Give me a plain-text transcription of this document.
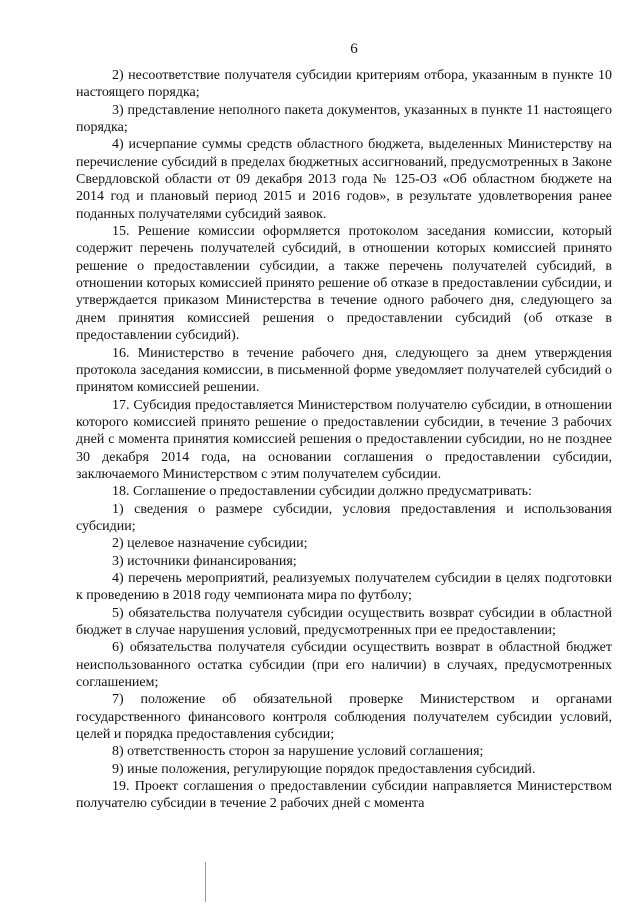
6

2) несоответствие получателя субсидии критериям отбора, указанным в пункте 10 настоящего порядка;

3) представление неполного пакета документов, указанных в пункте 11 настоящего порядка;

4) исчерпание суммы средств областного бюджета, выделенных Министерству на перечисление субсидий в пределах бюджетных ассигнований, предусмотренных в Законе Свердловской области от 09 декабря 2013 года № 125-ОЗ «Об областном бюджете на 2014 год и плановый период 2015 и 2016 годов», в результате удовлетворения ранее поданных получателями субсидий заявок.

15. Решение комиссии оформляется протоколом заседания комиссии, который содержит перечень получателей субсидий, в отношении которых комиссией принято решение о предоставлении субсидии, а также перечень получателей субсидий, в отношении которых комиссией принято решение об отказе в предоставлении субсидии, и утверждается приказом Министерства в течение одного рабочего дня, следующего за днем принятия комиссией решения о предоставлении субсидий (об отказе в предоставлении субсидий).

16. Министерство в течение рабочего дня, следующего за днем утверждения протокола заседания комиссии, в письменной форме уведомляет получателей субсидий о принятом комиссией решении.

17. Субсидия предоставляется Министерством получателю субсидии, в отношении которого комиссией принято решение о предоставлении субсидии, в течение 3 рабочих дней с момента принятия комиссией решения о предоставлении субсидии, но не позднее 30 декабря 2014 года, на основании соглашения о предоставлении субсидии, заключаемого Министерством с этим получателем субсидии.

18. Соглашение о предоставлении субсидии должно предусматривать:

1) сведения о размере субсидии, условия предоставления и использования субсидии;

2) целевое назначение субсидии;

3) источники финансирования;

4) перечень мероприятий, реализуемых получателем субсидии в целях подготовки к проведению в 2018 году чемпионата мира по футболу;

5) обязательства получателя субсидии осуществить возврат субсидии в областной бюджет в случае нарушения условий, предусмотренных при ее предоставлении;

6) обязательства получателя субсидии осуществить возврат в областной бюджет неиспользованного остатка субсидии (при его наличии) в случаях, предусмотренных соглашением;

7) положение об обязательной проверке Министерством и органами государственного финансового контроля соблюдения получателем субсидии условий, целей и порядка предоставления субсидии;

8) ответственность сторон за нарушение условий соглашения;

9) иные положения, регулирующие порядок предоставления субсидий.

19. Проект соглашения о предоставлении субсидии направляется Министерством получателю субсидии в течение 2 рабочих дней с момента
